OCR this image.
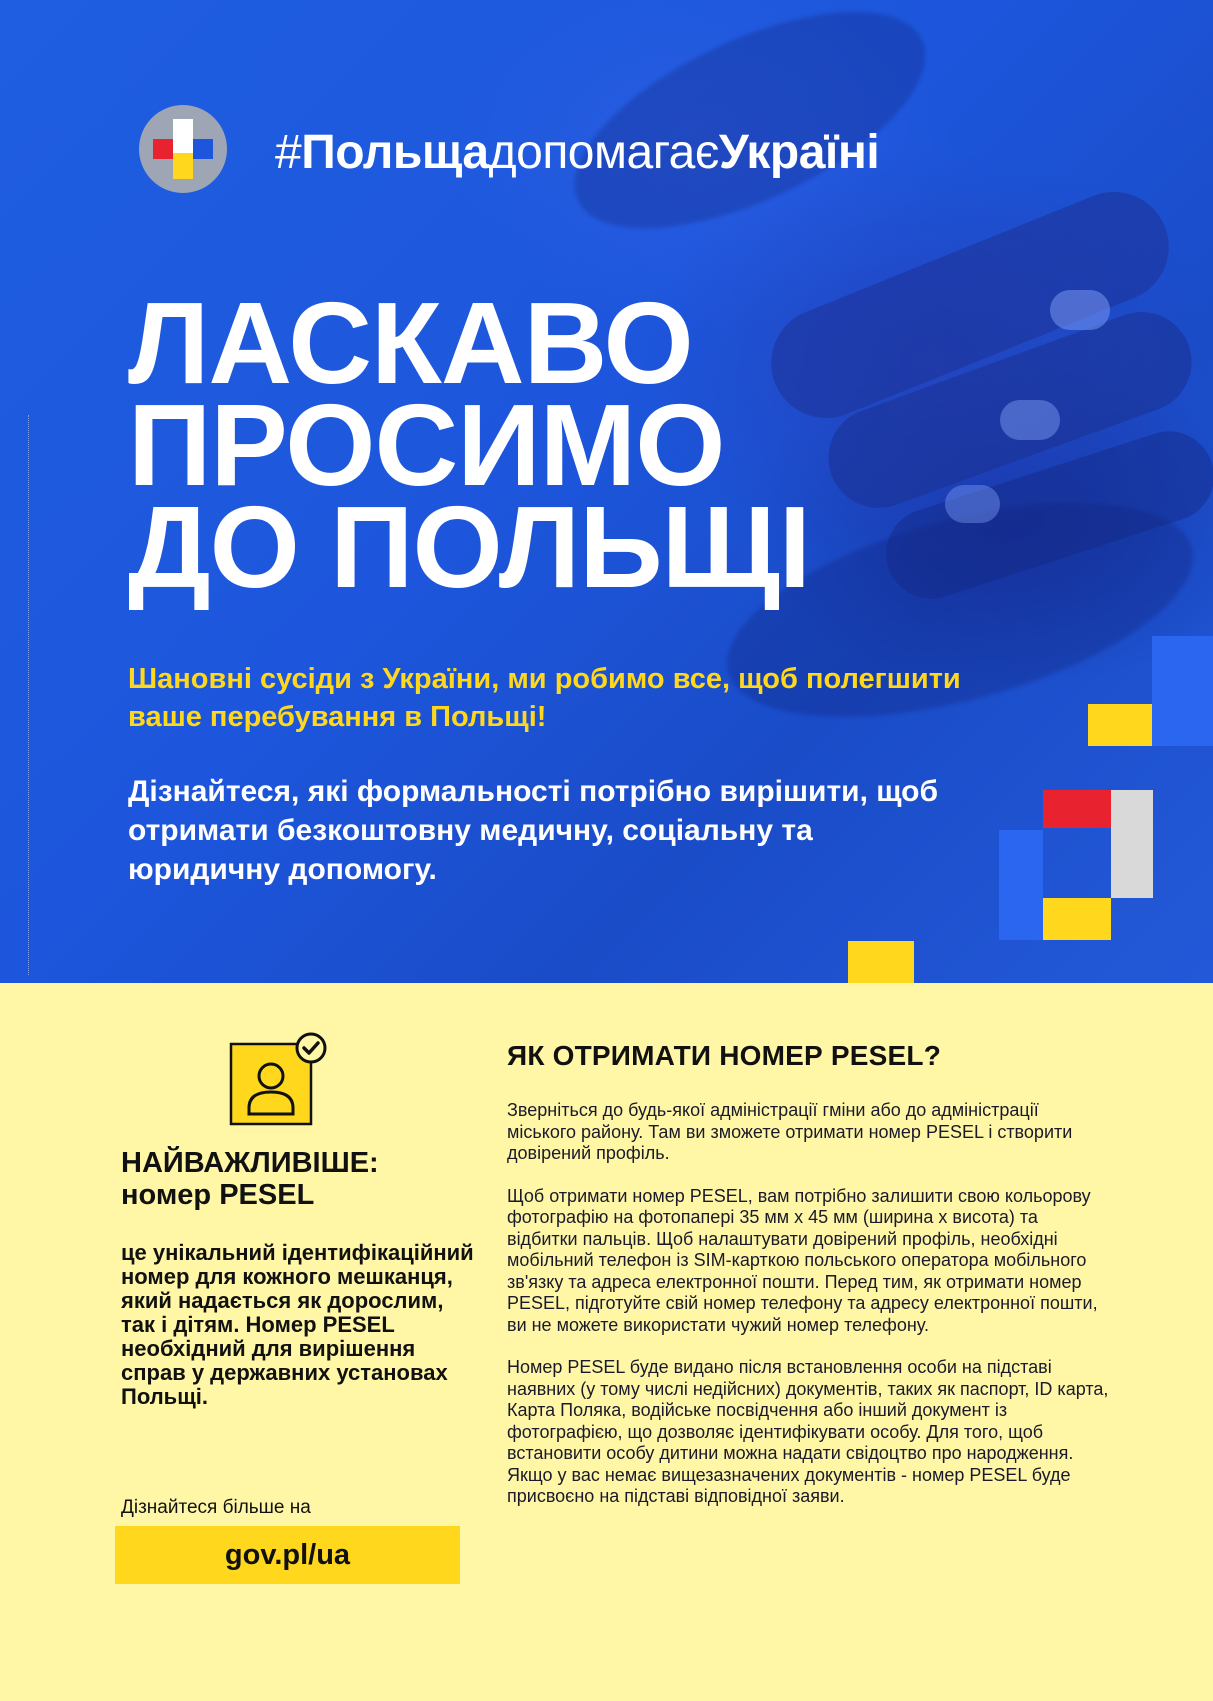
#ПольщадопомагаєУкраїні
ЛАСКАВО
ПРОСИМО
ДО ПОЛЬЩІ
Шановні сусіди з України, ми робимо все, щоб полегшити ваше перебування в Польщі!
Дізнайтеся, які формальності потрібно вирішити, щоб отримати безкоштовну медичну, соціальну та юридичну допомогу.
НАЙВАЖЛИВІШЕ:
номер PESEL
це унікальний ідентифікаційний номер для кожного мешканця, який надається як дорослим, так і дітям. Номер PESEL необхідний для вирішення справ у державних установах Польщі.
Дізнайтеся більше на
gov.pl/ua
ЯК ОТРИМАТИ НОМЕР PESEL?

Зверніться до будь-якої адміністрації гміни або до адміністрації міського району. Там ви зможете отримати номер PESEL і створити довірений профіль.

Щоб отримати номер PESEL, вам потрібно залишити свою кольорову фотографію на фотопапері 35 мм х 45 мм (ширина х висота) та відбитки пальців. Щоб налаштувати довірений профіль, необхідні мобільний телефон із SIM-карткою польського оператора мобільного зв'язку та адреса електронної пошти. Перед тим, як отримати номер PESEL, підготуйте свій номер телефону та адресу електронної пошти, ви не можете використати чужий номер телефону.

Номер PESEL буде видано після встановлення особи на підставі наявних (у тому числі недійсних) документів, таких як паспорт, ID карта, Карта Поляка, водійське посвідчення або інший документ із фотографією, що дозволяє ідентифікувати особу. Для того, щоб встановити особу дитини можна надати свідоцтво про народження. Якщо у вас немає вищезазначених документів - номер PESEL буде присвоєно на підставі відповідної заяви.
